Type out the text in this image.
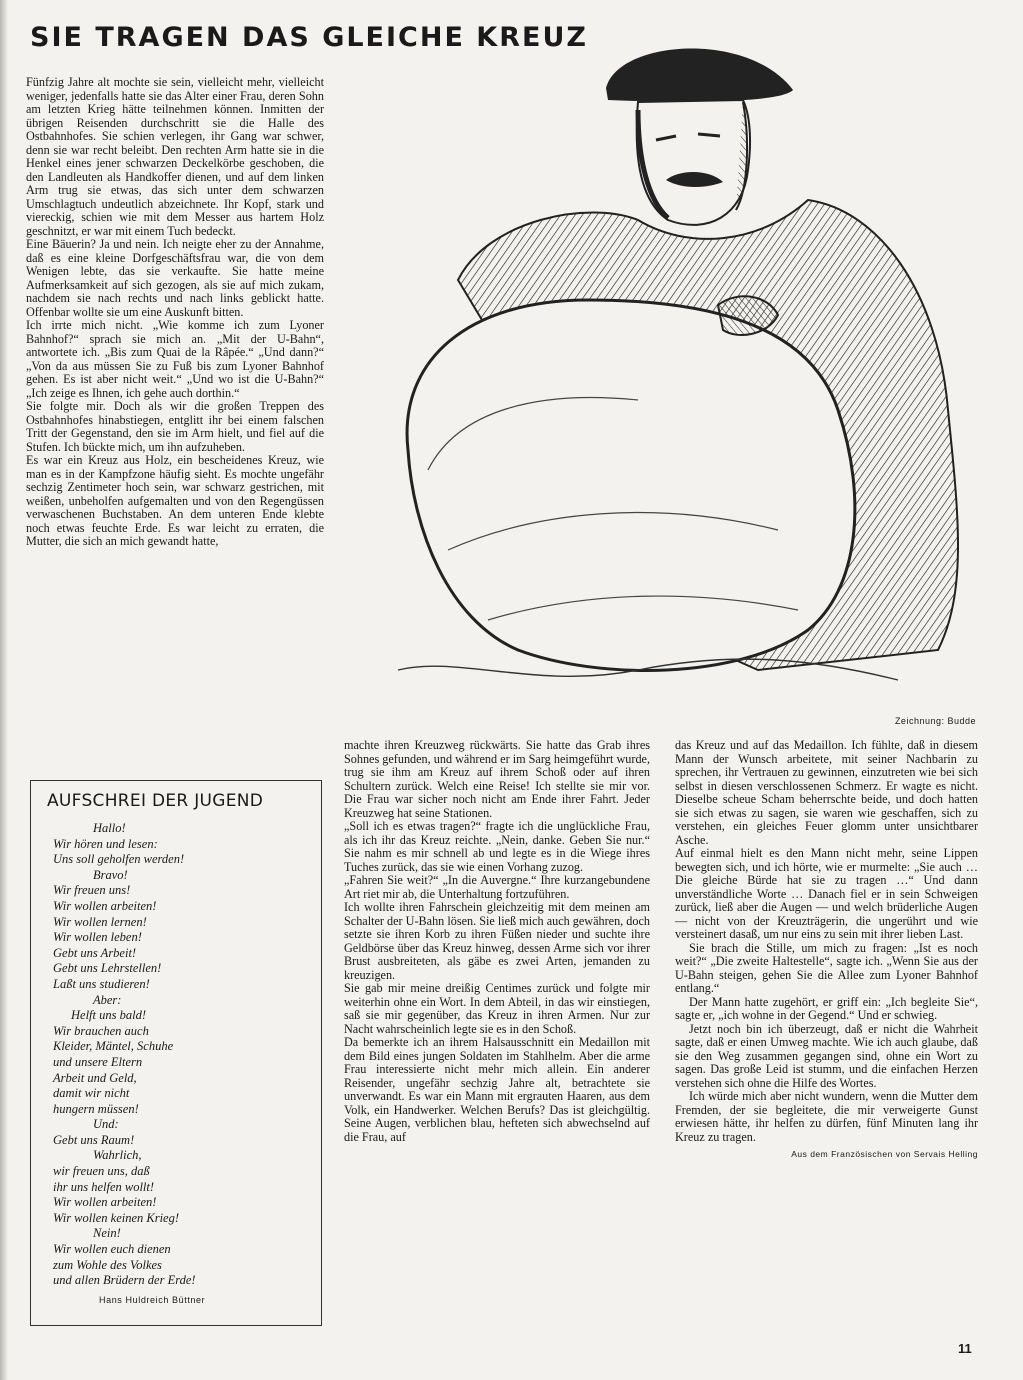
SIE TRAGEN DAS GLEICHE KREUZ

Fünfzig Jahre alt mochte sie sein, vielleicht mehr, vielleicht weniger, jedenfalls hatte sie das Alter einer Frau, deren Sohn am letzten Krieg hätte teilnehmen können. Inmitten der übrigen Reisenden durchschritt sie die Halle des Ostbahnhofes. Sie schien verlegen, ihr Gang war schwer, denn sie war recht beleibt. Den rechten Arm hatte sie in die Henkel eines jener schwarzen Deckelkörbe geschoben, die den Landleuten als Handkoffer dienen, und auf dem linken Arm trug sie etwas, das sich unter dem schwarzen Umschlagtuch undeutlich abzeichnete. Ihr Kopf, stark und viereckig, schien wie mit dem Messer aus hartem Holz geschnitzt, er war mit einem Tuch bedeckt.

Eine Bäuerin? Ja und nein. Ich neigte eher zu der Annahme, daß es eine kleine Dorfgeschäftsfrau war, die von dem Wenigen lebte, das sie verkaufte. Sie hatte meine Aufmerksamkeit auf sich gezogen, als sie auf mich zukam, nachdem sie nach rechts und nach links geblickt hatte. Offenbar wollte sie um eine Auskunft bitten.

Ich irrte mich nicht. „Wie komme ich zum Lyoner Bahnhof?“ sprach sie mich an. „Mit der U-Bahn“, antwortete ich. „Bis zum Quai de la Râpée.“ „Und dann?“ „Von da aus müssen Sie zu Fuß bis zum Lyoner Bahnhof gehen. Es ist aber nicht weit.“ „Und wo ist die U-Bahn?“ „Ich zeige es Ihnen, ich gehe auch dorthin.“

Sie folgte mir. Doch als wir die großen Treppen des Ostbahnhofes hinabstiegen, entglitt ihr bei einem falschen Tritt der Gegenstand, den sie im Arm hielt, und fiel auf die Stufen. Ich bückte mich, um ihn aufzuheben.

Es war ein Kreuz aus Holz, ein bescheidenes Kreuz, wie man es in der Kampfzone häufig sieht. Es mochte ungefähr sechzig Zentimeter hoch sein, war schwarz gestrichen, mit weißen, unbeholfen aufgemalten und von den Regengüssen verwaschenen Buchstaben. An dem unteren Ende klebte noch etwas feuchte Erde. Es war leicht zu erraten, die Mutter, die sich an mich gewandt hatte,

Zeichnung: Budde
AUFSCHREI DER JUGEND
Hallo!
Wir hören und lesen:
Uns soll geholfen werden!
Bravo!
Wir freuen uns!
Wir wollen arbeiten!
Wir wollen lernen!
Wir wollen leben!
Gebt uns Arbeit!
Gebt uns Lehrstellen!
Laßt uns studieren!
Aber:
Helft uns bald!
Wir brauchen auch
Kleider, Mäntel, Schuhe
und unsere Eltern
Arbeit und Geld,
damit wir nicht
hungern müssen!
Und:
Gebt uns Raum!
Wahrlich,
wir freuen uns, daß
ihr uns helfen wollt!
Wir wollen arbeiten!
Wir wollen keinen Krieg!
Nein!
Wir wollen euch dienen
zum Wohle des Volkes
und allen Brüdern der Erde!
Hans Huldreich Büttner

machte ihren Kreuzweg rückwärts. Sie hatte das Grab ihres Sohnes gefunden, und während er im Sarg heimgeführt wurde, trug sie ihm am Kreuz auf ihrem Schoß oder auf ihren Schultern zurück. Welch eine Reise! Ich stellte sie mir vor. Die Frau war sicher noch nicht am Ende ihrer Fahrt. Jeder Kreuzweg hat seine Stationen.

„Soll ich es etwas tragen?“ fragte ich die unglückliche Frau, als ich ihr das Kreuz reichte. „Nein, danke. Geben Sie nur.“ Sie nahm es mir schnell ab und legte es in die Wiege ihres Tuches zurück, das sie wie einen Vorhang zuzog.

„Fahren Sie weit?“ „In die Auvergne.“ Ihre kurzangebundene Art riet mir ab, die Unterhaltung fortzuführen.

Ich wollte ihren Fahrschein gleichzeitig mit dem meinen am Schalter der U-Bahn lösen. Sie ließ mich auch gewähren, doch setzte sie ihren Korb zu ihren Füßen nieder und suchte ihre Geldbörse über das Kreuz hinweg, dessen Arme sich vor ihrer Brust ausbreiteten, als gäbe es zwei Arten, jemanden zu kreuzigen.

Sie gab mir meine dreißig Centimes zurück und folgte mir weiterhin ohne ein Wort. In dem Abteil, in das wir einstiegen, saß sie mir gegenüber, das Kreuz in ihren Armen. Nur zur Nacht wahrscheinlich legte sie es in den Schoß.

Da bemerkte ich an ihrem Halsausschnitt ein Medaillon mit dem Bild eines jungen Soldaten im Stahlhelm. Aber die arme Frau interessierte nicht mehr mich allein. Ein anderer Reisender, ungefähr sechzig Jahre alt, betrachtete sie unverwandt. Es war ein Mann mit ergrauten Haaren, aus dem Volk, ein Handwerker. Welchen Berufs? Das ist gleichgültig. Seine Augen, verblichen blau, hefteten sich abwechselnd auf die Frau, auf

das Kreuz und auf das Medaillon. Ich fühlte, daß in diesem Mann der Wunsch arbeitete, mit seiner Nachbarin zu sprechen, ihr Vertrauen zu gewinnen, einzutreten wie bei sich selbst in diesen verschlossenen Schmerz. Er wagte es nicht. Dieselbe scheue Scham beherrschte beide, und doch hatten sie sich etwas zu sagen, sie waren wie geschaffen, sich zu verstehen, ein gleiches Feuer glomm unter unsichtbarer Asche.

Auf einmal hielt es den Mann nicht mehr, seine Lippen bewegten sich, und ich hörte, wie er murmelte: „Sie auch … Die gleiche Bürde hat sie zu tragen …“ Und dann unverständliche Worte … Danach fiel er in sein Schweigen zurück, ließ aber die Augen — und welch brüderliche Augen — nicht von der Kreuzträgerin, die ungerührt und wie versteinert dasaß, um nur eins zu sein mit ihrer lieben Last.

Sie brach die Stille, um mich zu fragen: „Ist es noch weit?“ „Die zweite Haltestelle“, sagte ich. „Wenn Sie aus der U-Bahn steigen, gehen Sie die Allee zum Lyoner Bahnhof entlang.“

Der Mann hatte zugehört, er griff ein: „Ich begleite Sie“, sagte er, „ich wohne in der Gegend.“ Und er schwieg.

Jetzt noch bin ich überzeugt, daß er nicht die Wahrheit sagte, daß er einen Umweg machte. Wie ich auch glaube, daß sie den Weg zusammen gegangen sind, ohne ein Wort zu sagen. Das große Leid ist stumm, und die einfachen Herzen verstehen sich ohne die Hilfe des Wortes.

Ich würde mich aber nicht wundern, wenn die Mutter dem Fremden, der sie begleitete, die mir verweigerte Gunst erwiesen hätte, ihr helfen zu dürfen, fünf Minuten lang ihr Kreuz zu tragen.

Aus dem Französischen von Servais Helling

11
